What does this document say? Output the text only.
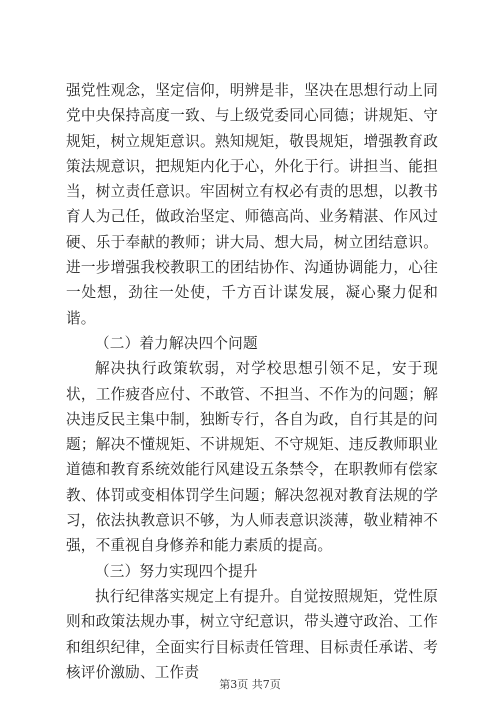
强党性观念，坚定信仰，明辨是非，坚决在思想行动上同党中央保持高度一致、与上级党委同心同德；讲规矩、守规矩，树立规矩意识。熟知规矩，敬畏规矩，增强教育政策法规意识，把规矩内化于心，外化于行。讲担当、能担当，树立责任意识。牢固树立有权必有责的思想，以教书育人为己任，做政治坚定、师德高尚、业务精湛、作风过硬、乐于奉献的教师；讲大局、想大局，树立团结意识。进一步增强我校教职工的团结协作、沟通协调能力，心往一处想，劲往一处使，千方百计谋发展，凝心聚力促和谐。

（二）着力解决四个问题

解决执行政策软弱，对学校思想引领不足，安于现状，工作疲沓应付、不敢管、不担当、不作为的问题；解决违反民主集中制，独断专行，各自为政，自行其是的问题；解决不懂规矩、不讲规矩、不守规矩、违反教师职业道德和教育系统效能行风建设五条禁令，在职教师有偿家教、体罚或变相体罚学生问题；解决忽视对教育法规的学习，依法执教意识不够，为人师表意识淡薄，敬业精神不强，不重视自身修养和能力素质的提高。

（三）努力实现四个提升

执行纪律落实规定上有提升。自觉按照规矩，党性原则和政策法规办事，树立守纪意识，带头遵守政治、工作和组织纪律，全面实行目标责任管理、目标责任承诺、考核评价激励、工作责

第3页 共7页
